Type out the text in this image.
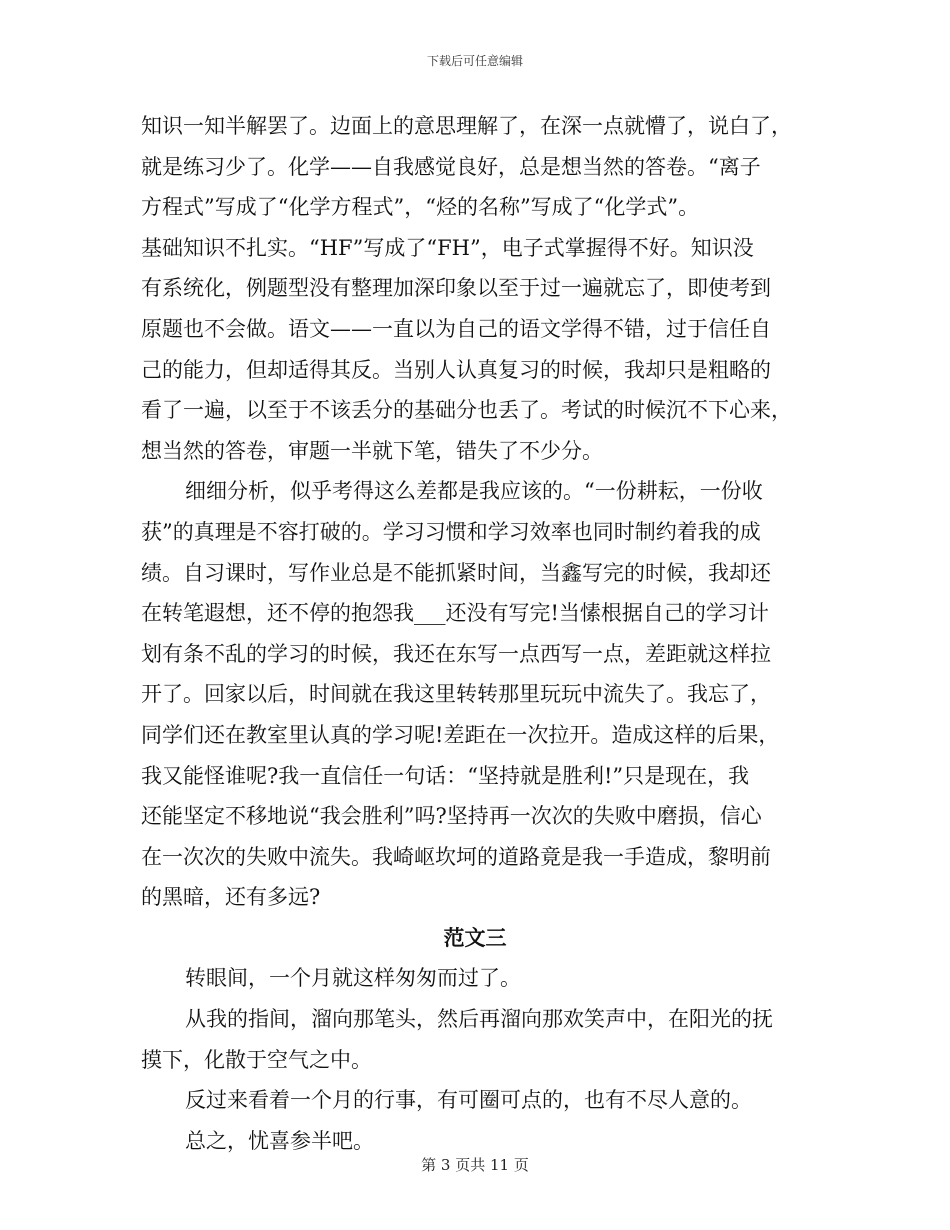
下载后可任意编辑
知识一知半解罢了。边面上的意思理解了，在深一点就懵了，说白了，
就是练习少了。化学——自我感觉良好，总是想当然的答卷。“离子
方程式”写成了“化学方程式”，“烃的名称”写成了“化学式”。
基础知识不扎实。“HF”写成了“FH”，电子式掌握得不好。知识没
有系统化，例题型没有整理加深印象以至于过一遍就忘了，即使考到
原题也不会做。语文——一直以为自己的语文学得不错，过于信任自
己的能力，但却适得其反。当别人认真复习的时候，我却只是粗略的
看了一遍，以至于不该丢分的基础分也丢了。考试的时候沉不下心来，
想当然的答卷，审题一半就下笔，错失了不少分。
细细分析，似乎考得这么差都是我应该的。“一份耕耘，一份收
获”的真理是不容打破的。学习习惯和学习效率也同时制约着我的成
绩。自习课时，写作业总是不能抓紧时间，当鑫写完的时候，我却还
在转笔遐想，还不停的抱怨我___还没有写完!当愫根据自己的学习计
划有条不乱的学习的时候，我还在东写一点西写一点，差距就这样拉
开了。回家以后，时间就在我这里转转那里玩玩中流失了。我忘了，
同学们还在教室里认真的学习呢!差距在一次拉开。造成这样的后果，
我又能怪谁呢?我一直信任一句话：“坚持就是胜利!”只是现在，我
还能坚定不移地说“我会胜利”吗?坚持再一次次的失败中磨损，信心
在一次次的失败中流失。我崎岖坎坷的道路竟是我一手造成，黎明前
的黑暗，还有多远?
范文三
转眼间，一个月就这样匆匆而过了。
从我的指间，溜向那笔头，然后再溜向那欢笑声中，在阳光的抚
摸下，化散于空气之中。
反过来看着一个月的行事，有可圈可点的，也有不尽人意的。
总之，忧喜参半吧。
第 3 页共 11 页
